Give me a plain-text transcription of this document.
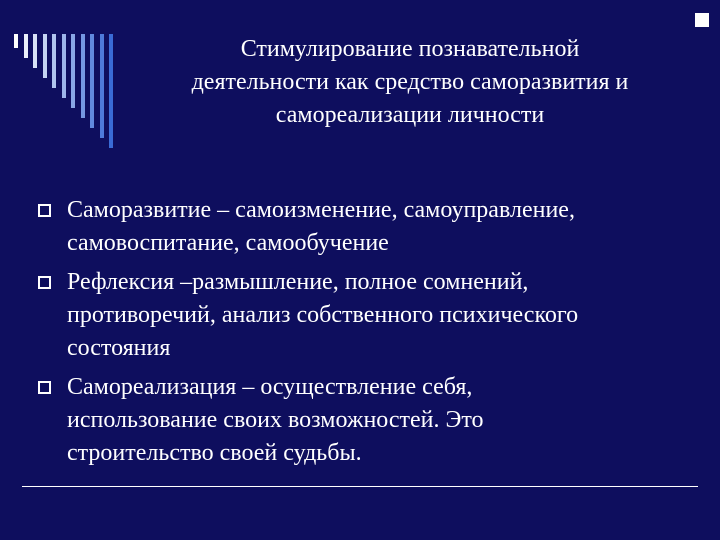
Стимулирование познавательной
деятельности как средство саморазвития и
самореализации личности
Саморазвитие – самоизменение, самоуправление,
самовоспитание, самообучение
Рефлексия –размышление, полное сомнений,
противоречий, анализ собственного психического
состояния
Самореализация – осуществление себя,
использование своих возможностей. Это
строительство своей судьбы.
